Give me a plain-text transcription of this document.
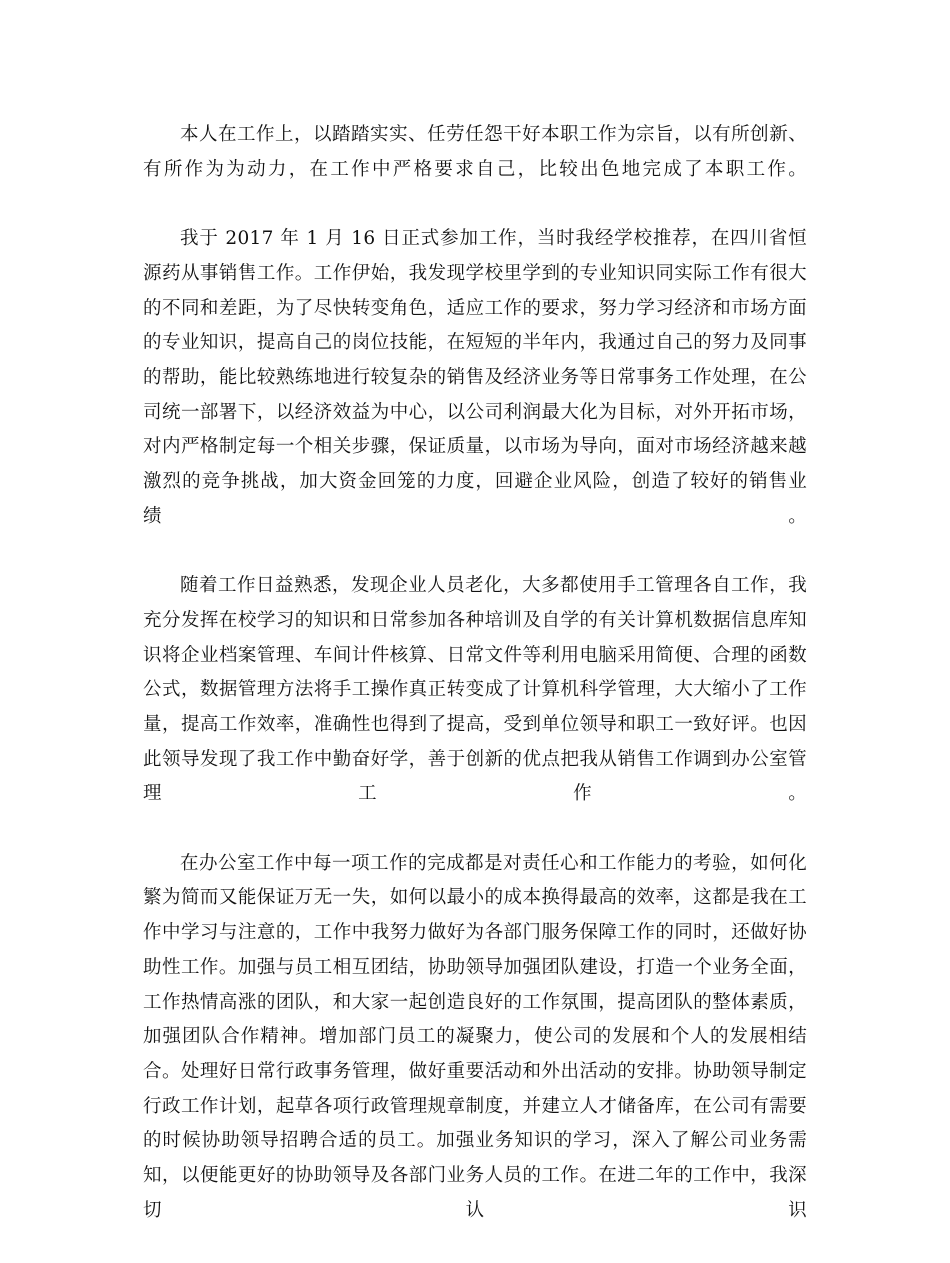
本人在工作上，以踏踏实实、任劳任怨干好本职工作为宗旨，以有所创新、有所作为为动力，在工作中严格要求自己，比较出色地完成了本职工作。

我于 2017 年 1 月 16 日正式参加工作，当时我经学校推荐，在四川省恒源药从事销售工作。工作伊始，我发现学校里学到的专业知识同实际工作有很大的不同和差距，为了尽快转变角色，适应工作的要求，努力学习经济和市场方面的专业知识，提高自己的岗位技能，在短短的半年内，我通过自己的努力及同事的帮助，能比较熟练地进行较复杂的销售及经济业务等日常事务工作处理，在公司统一部署下，以经济效益为中心，以公司利润最大化为目标，对外开拓市场，对内严格制定每一个相关步骤，保证质量，以市场为导向，面对市场经济越来越激烈的竞争挑战，加大资金回笼的力度，回避企业风险，创造了较好的销售业绩。

随着工作日益熟悉，发现企业人员老化，大多都使用手工管理各自工作，我充分发挥在校学习的知识和日常参加各种培训及自学的有关计算机数据信息库知识将企业档案管理、车间计件核算、日常文件等利用电脑采用简便、合理的函数公式，数据管理方法将手工操作真正转变成了计算机科学管理，大大缩小了工作量，提高工作效率，准确性也得到了提高，受到单位领导和职工一致好评。也因此领导发现了我工作中勤奋好学，善于创新的优点把我从销售工作调到办公室管理工作。

在办公室工作中每一项工作的完成都是对责任心和工作能力的考验，如何化繁为简而又能保证万无一失，如何以最小的成本换得最高的效率，这都是我在工作中学习与注意的，工作中我努力做好为各部门服务保障工作的同时，还做好协助性工作。加强与员工相互团结，协助领导加强团队建设，打造一个业务全面，工作热情高涨的团队，和大家一起创造良好的工作氛围，提高团队的整体素质，加强团队合作精神。增加部门员工的凝聚力，使公司的发展和个人的发展相结合。处理好日常行政事务管理，做好重要活动和外出活动的安排。协助领导制定行政工作计划，起草各项行政管理规章制度，并建立人才储备库，在公司有需要的时候协助领导招聘合适的员工。加强业务知识的学习，深入了解公司业务需知，以便能更好的协助领导及各部门业务人员的工作。在进二年的工作中，我深切认识
